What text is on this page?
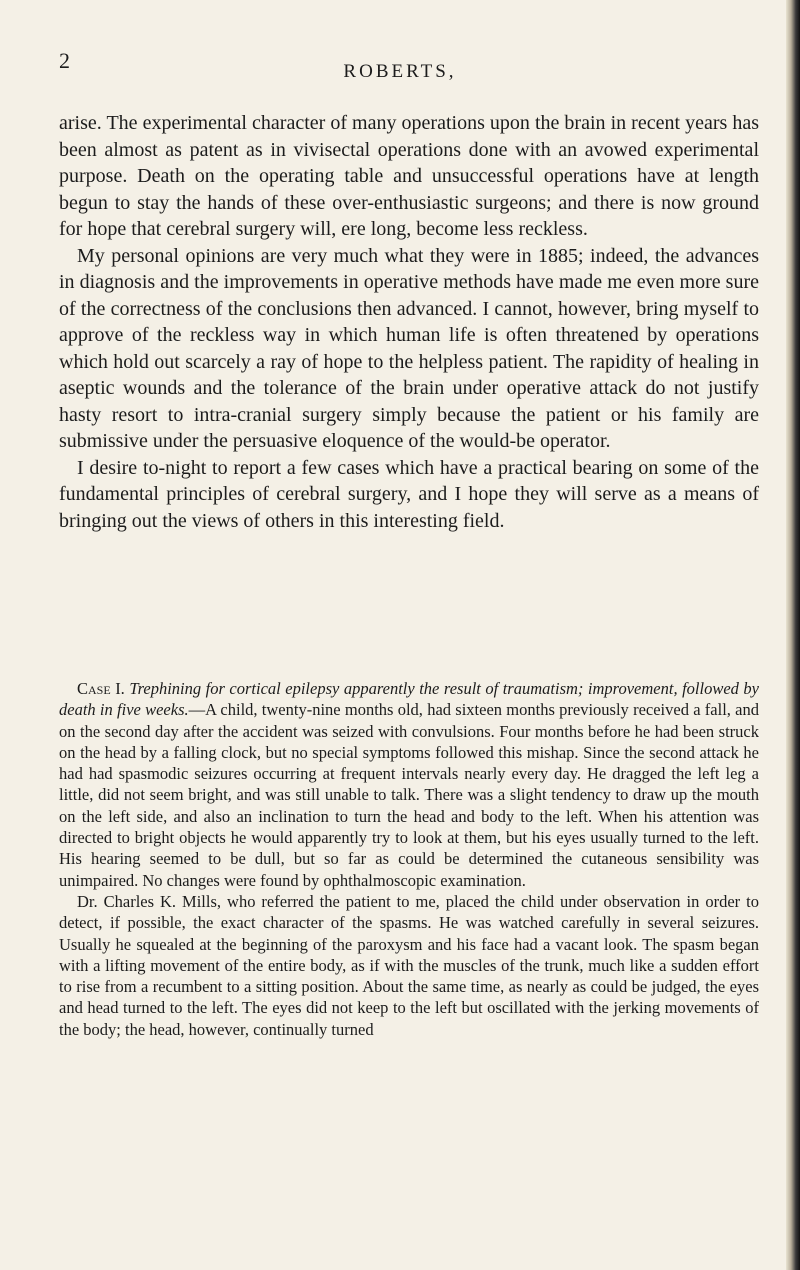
2	ROBERTS,

arise. The experimental character of many operations upon the brain in recent years has been almost as patent as in vivisectal operations done with an avowed experimental purpose. Death on the operating table and unsuccessful operations have at length begun to stay the hands of these over-enthusiastic surgeons; and there is now ground for hope that cerebral surgery will, ere long, become less reckless.

My personal opinions are very much what they were in 1885; indeed, the advances in diagnosis and the improvements in operative methods have made me even more sure of the correctness of the conclusions then advanced. I cannot, however, bring myself to approve of the reckless way in which human life is often threatened by operations which hold out scarcely a ray of hope to the helpless patient. The rapidity of healing in aseptic wounds and the tolerance of the brain under operative attack do not justify hasty resort to intra-cranial surgery simply because the patient or his family are submissive under the persuasive eloquence of the would-be operator.

I desire to-night to report a few cases which have a practical bearing on some of the fundamental principles of cerebral surgery, and I hope they will serve as a means of bringing out the views of others in this interesting field.

Case I. Trephining for cortical epilepsy apparently the result of traumatism; improvement, followed by death in five weeks.—A child, twenty-nine months old, had sixteen months previously received a fall, and on the second day after the accident was seized with convulsions. Four months before he had been struck on the head by a falling clock, but no special symptoms followed this mishap. Since the second attack he had had spasmodic seizures occurring at frequent intervals nearly every day. He dragged the left leg a little, did not seem bright, and was still unable to talk. There was a slight tendency to draw up the mouth on the left side, and also an inclination to turn the head and body to the left. When his attention was directed to bright objects he would apparently try to look at them, but his eyes usually turned to the left. His hearing seemed to be dull, but so far as could be determined the cutaneous sensibility was unimpaired. No changes were found by ophthalmoscopic examination.

Dr. Charles K. Mills, who referred the patient to me, placed the child under observation in order to detect, if possible, the exact character of the spasms. He was watched carefully in several seizures. Usually he squealed at the beginning of the paroxysm and his face had a vacant look. The spasm began with a lifting movement of the entire body, as if with the muscles of the trunk, much like a sudden effort to rise from a recumbent to a sitting position. About the same time, as nearly as could be judged, the eyes and head turned to the left. The eyes did not keep to the left but oscillated with the jerking movements of the body; the head, however, continually turned
